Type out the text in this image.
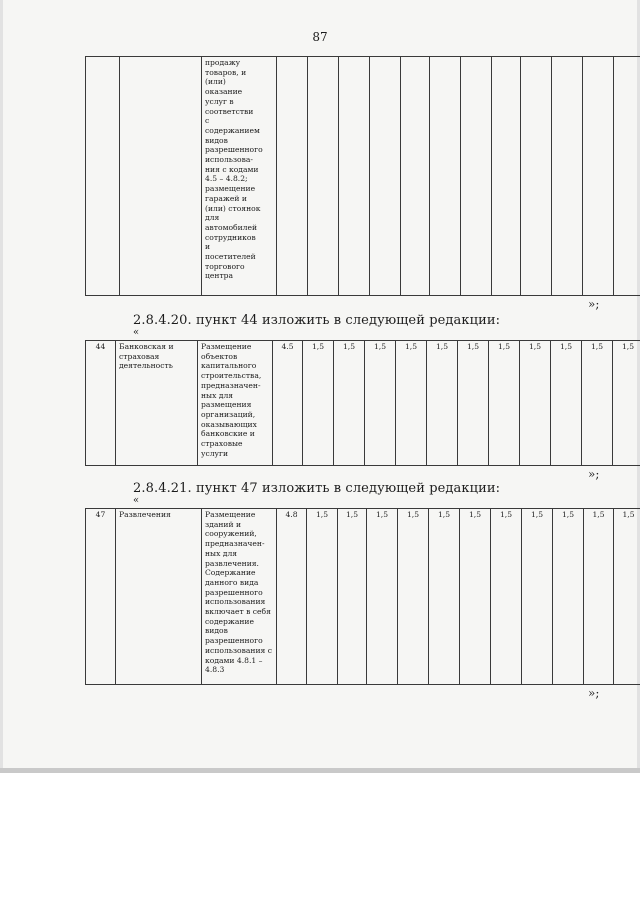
87
		продажу
товаров, и
(или)
оказание
услуг в
соответстви
с
содержанием
видов
разрешенного
использова-
ния с кодами
4.5 – 4.8.2;
размещение
гаражей и
(или) стоянок
для
автомобилей
сотрудников
и
посетителей
торгового
центра												
»;
2.8.4.20. пункт 44 изложить в следующей редакции:
«
44	Банковская и
страховая
деятельность	Размещение
объектов
капитального
строительства,
предназначен-
ных для
размещения
организаций,
оказывающих
банковские и
страховые
услуги	4.5	1,5	1,5	1,5	1,5	1,5	1,5	1,5	1,5	1,5	1,5	1,5
»;
2.8.4.21. пункт 47 изложить в следующей редакции:
«
47	Развлечения	Размещение
зданий и
сооружений,
предназначен-
ных для
развлечения.
Содержание
данного вида
разрешенного
использования
включает в себя
содержание
видов
разрешенного
использования с
кодами 4.8.1 –
4.8.3	4.8	1,5	1,5	1,5	1,5	1,5	1,5	1,5	1,5	1,5	1,5	1,5
»;
